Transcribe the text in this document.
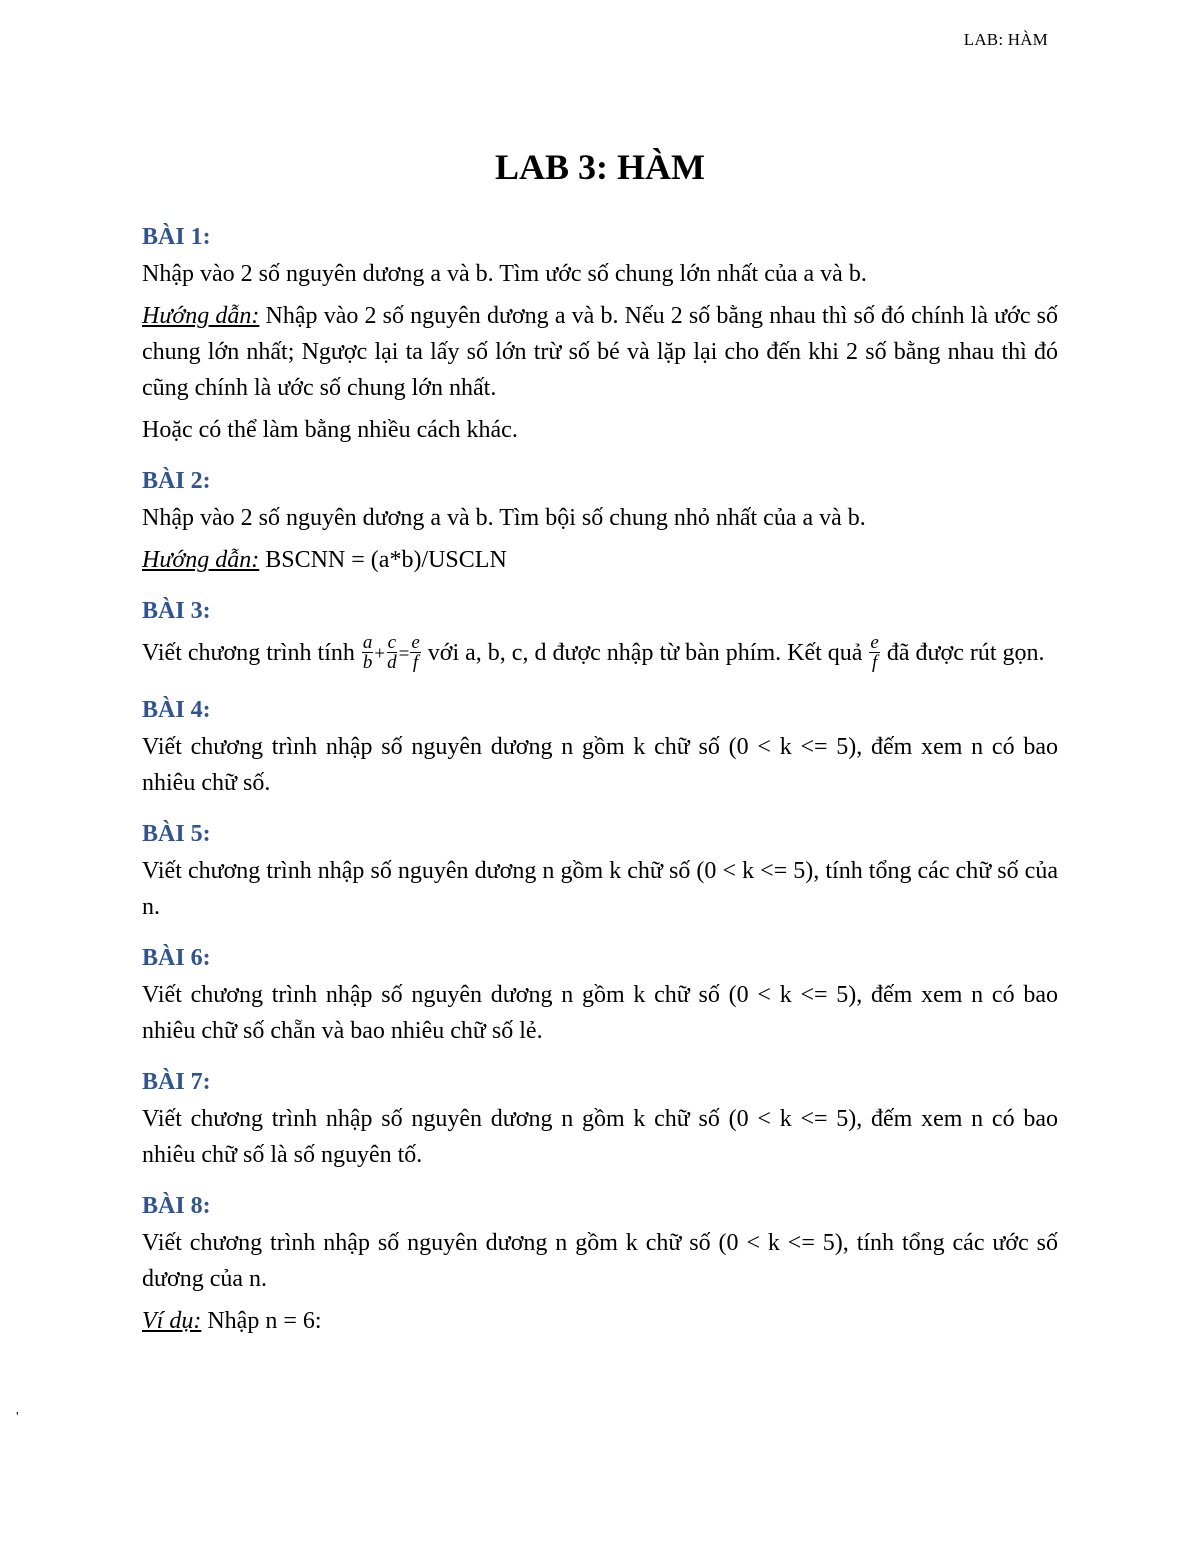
LAB: HÀM
LAB 3: HÀM
BÀI 1:
Nhập vào 2 số nguyên dương a và b. Tìm ước số chung lớn nhất của a và b.
Hướng dẫn: Nhập vào 2 số nguyên dương a và b. Nếu 2 số bằng nhau thì số đó chính là ước số chung lớn nhất; Ngược lại ta lấy số lớn trừ số bé và lặp lại cho đến khi 2 số bằng nhau thì đó cũng chính là ước số chung lớn nhất.
Hoặc có thể làm bằng nhiều cách khác.
BÀI 2:
Nhập vào 2 số nguyên dương a và b. Tìm bội số chung nhỏ nhất của a và b.
Hướng dẫn: BSCNN = (a*b)/USCLN
BÀI 3:
Viết chương trình tính $\frac{a}{b} + \frac{c}{d} = \frac{e}{f}$ với a, b, c, d được nhập từ bàn phím. Kết quả $\frac{e}{f}$ đã được rút gọn.
BÀI 4:
Viết chương trình nhập số nguyên dương n gồm k chữ số (0 < k <= 5), đếm xem n có bao nhiêu chữ số.
BÀI 5:
Viết chương trình nhập số nguyên dương n gồm k chữ số (0 < k <= 5), tính tổng các chữ số của n.
BÀI 6:
Viết chương trình nhập số nguyên dương n gồm k chữ số (0 < k <= 5), đếm xem n có bao nhiêu chữ số chẵn và bao nhiêu chữ số lẻ.
BÀI 7:
Viết chương trình nhập số nguyên dương n gồm k chữ số (0 < k <= 5), đếm xem n có bao nhiêu chữ số là số nguyên tố.
BÀI 8:
Viết chương trình nhập số nguyên dương n gồm k chữ số (0 < k <= 5), tính tổng các ước số dương của n.
Ví dụ: Nhập n = 6:
'
